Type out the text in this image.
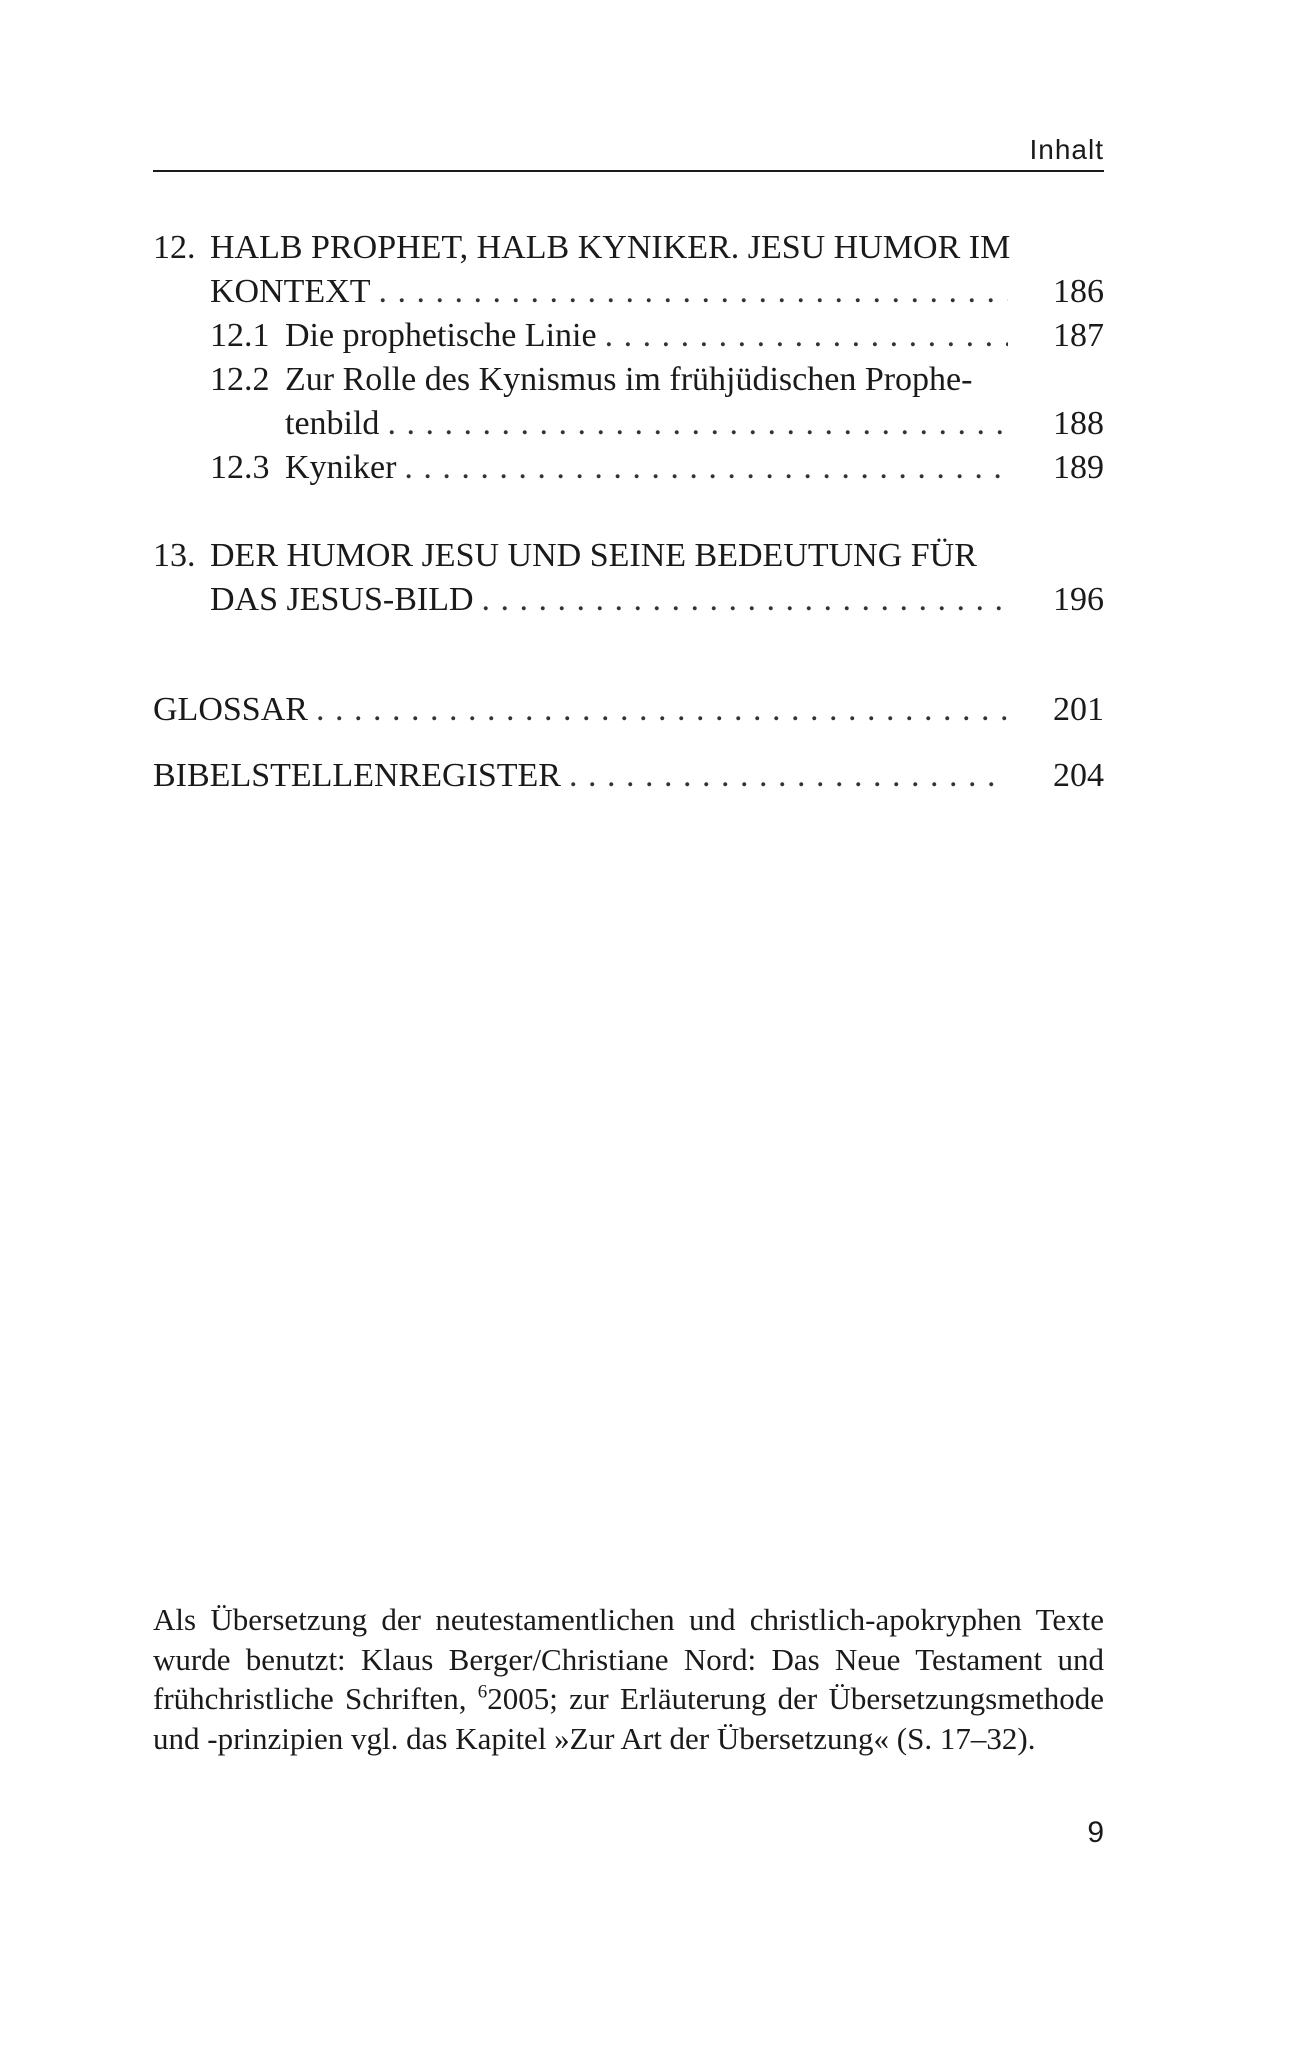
Inhalt
12. HALB PROPHET, HALB KYNIKER. JESU HUMOR IM
KONTEXT . . .	186
12.1 Die prophetische Linie . . .	187
12.2 Zur Rolle des Kynismus im frühjüdischen Prophe-
tenbild . . .	188
12.3 Kyniker . . .	189
13. DER HUMOR JESU UND SEINE BEDEUTUNG FÜR
DAS JESUS-BILD . . .	196
GLOSSAR . . .	201
BIBELSTELLENREGISTER . . .	204
Als Übersetzung der neutestamentlichen und christlich-apokryphen Texte
wurde benutzt: Klaus Berger/Christiane Nord: Das Neue Testament und
frühchristliche Schriften, $^6$2005; zur Erläuterung der Übersetzungsmethode
und -prinzipien vgl. das Kapitel »Zur Art der Übersetzung« (S. 17–32).
9
